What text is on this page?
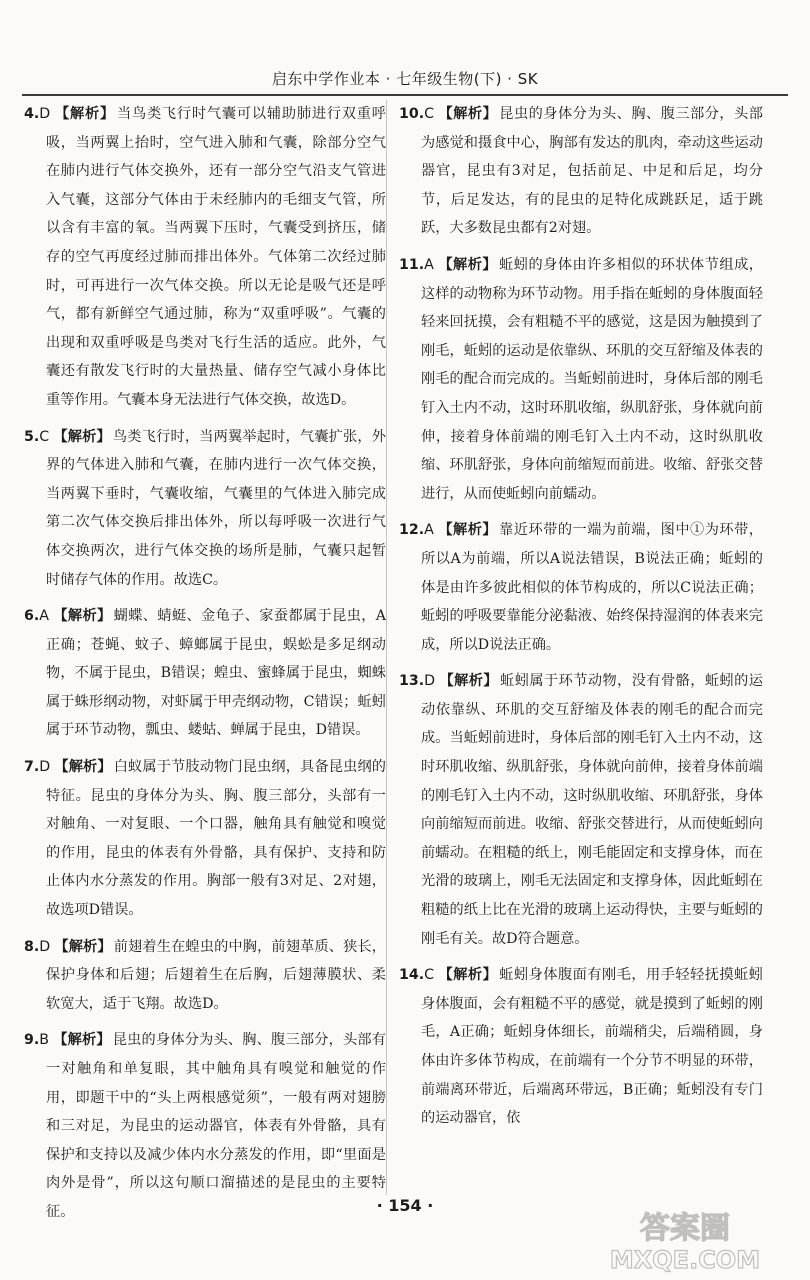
启东中学作业本 · 七年级生物(下) · SK

4.D 【解析】 当鸟类飞行时气囊可以辅助肺进行双重呼吸，当两翼上抬时，空气进入肺和气囊，除部分空气在肺内进行气体交换外，还有一部分空气沿支气管进入气囊，这部分气体由于未经肺内的毛细支气管，所以含有丰富的氧。当两翼下压时，气囊受到挤压，储存的空气再度经过肺而排出体外。气体第二次经过肺时，可再进行一次气体交换。所以无论是吸气还是呼气，都有新鲜空气通过肺，称为“双重呼吸”。气囊的出现和双重呼吸是鸟类对飞行生活的适应。此外，气囊还有散发飞行时的大量热量、储存空气减小身体比重等作用。气囊本身无法进行气体交换，故选D。

5.C 【解析】 鸟类飞行时，当两翼举起时，气囊扩张，外界的气体进入肺和气囊，在肺内进行一次气体交换，当两翼下垂时，气囊收缩，气囊里的气体进入肺完成第二次气体交换后排出体外，所以每呼吸一次进行气体交换两次，进行气体交换的场所是肺，气囊只起暂时储存气体的作用。故选C。

6.A 【解析】 蝴蝶、蜻蜓、金龟子、家蚕都属于昆虫，A正确；苍蝇、蚊子、蟑螂属于昆虫，蜈蚣是多足纲动物，不属于昆虫，B错误；蝗虫、蜜蜂属于昆虫，蜘蛛属于蛛形纲动物，对虾属于甲壳纲动物，C错误；蚯蚓属于环节动物，瓢虫、蝼蛄、蝉属于昆虫，D错误。

7.D 【解析】 白蚁属于节肢动物门昆虫纲，具备昆虫纲的特征。昆虫的身体分为头、胸、腹三部分，头部有一对触角、一对复眼、一个口器，触角具有触觉和嗅觉的作用，昆虫的体表有外骨骼，具有保护、支持和防止体内水分蒸发的作用。胸部一般有3对足、2对翅，故选项D错误。

8.D 【解析】 前翅着生在蝗虫的中胸，前翅革质、狭长，保护身体和后翅；后翅着生在后胸，后翅薄膜状、柔软宽大，适于飞翔。故选D。

9.B 【解析】 昆虫的身体分为头、胸、腹三部分，头部有一对触角和单复眼，其中触角具有嗅觉和触觉的作用，即题干中的“头上两根感觉须”，一般有两对翅膀和三对足，为昆虫的运动器官，体表有外骨骼，具有保护和支持以及减少体内水分蒸发的作用，即“里面是肉外是骨”，所以这句顺口溜描述的是昆虫的主要特征。

10.C 【解析】 昆虫的身体分为头、胸、腹三部分，头部为感觉和摄食中心，胸部有发达的肌肉，牵动这些运动器官，昆虫有3对足，包括前足、中足和后足，均分节，后足发达，有的昆虫的足特化成跳跃足，适于跳跃，大多数昆虫都有2对翅。

11.A 【解析】 蚯蚓的身体由许多相似的环状体节组成，这样的动物称为环节动物。用手指在蚯蚓的身体腹面轻轻来回抚摸，会有粗糙不平的感觉，这是因为触摸到了刚毛，蚯蚓的运动是依靠纵、环肌的交互舒缩及体表的刚毛的配合而完成的。当蚯蚓前进时，身体后部的刚毛钉入土内不动，这时环肌收缩，纵肌舒张，身体就向前伸，接着身体前端的刚毛钉入土内不动，这时纵肌收缩、环肌舒张，身体向前缩短而前进。收缩、舒张交替进行，从而使蚯蚓向前蠕动。

12.A 【解析】 靠近环带的一端为前端，图中①为环带，所以A为前端，所以A说法错误，B说法正确；蚯蚓的体是由许多彼此相似的体节构成的，所以C说法正确；蚯蚓的呼吸要靠能分泌黏液、始终保持湿润的体表来完成，所以D说法正确。

13.D 【解析】 蚯蚓属于环节动物，没有骨骼，蚯蚓的运动依靠纵、环肌的交互舒缩及体表的刚毛的配合而完成。当蚯蚓前进时，身体后部的刚毛钉入土内不动，这时环肌收缩、纵肌舒张，身体就向前伸，接着身体前端的刚毛钉入土内不动，这时纵肌收缩、环肌舒张，身体向前缩短而前进。收缩、舒张交替进行，从而使蚯蚓向前蠕动。在粗糙的纸上，刚毛能固定和支撑身体，而在光滑的玻璃上，刚毛无法固定和支撑身体，因此蚯蚓在粗糙的纸上比在光滑的玻璃上运动得快，主要与蚯蚓的刚毛有关。故D符合题意。

14.C 【解析】 蚯蚓身体腹面有刚毛，用手轻轻抚摸蚯蚓身体腹面，会有粗糙不平的感觉，就是摸到了蚯蚓的刚毛，A正确；蚯蚓身体细长，前端稍尖，后端稍圆，身体由许多体节构成，在前端有一个分节不明显的环带，前端离环带近，后端离环带远，B正确；蚯蚓没有专门的运动器官，依

· 154 ·
答案圈
MXQE.COM
